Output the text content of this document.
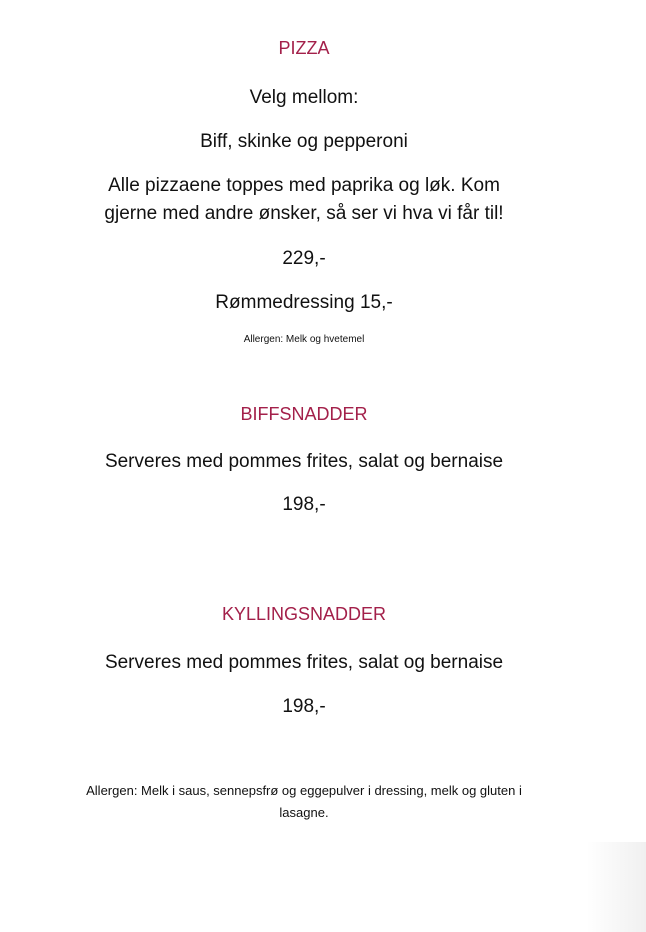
PIZZA
Velg mellom:
Biff, skinke og pepperoni
Alle pizzaene toppes med paprika og løk. Kom
gjerne med andre ønsker, så ser vi hva vi får til!
229,-
Rømmedressing 15,-
Allergen: Melk og hvetemel
BIFFSNADDER
Serveres med pommes frites, salat og bernaise
198,-
KYLLINGSNADDER
Serveres med pommes frites, salat og bernaise
198,-
Allergen: Melk i saus, sennepsfrø og eggepulver i dressing, melk og gluten i lasagne.
